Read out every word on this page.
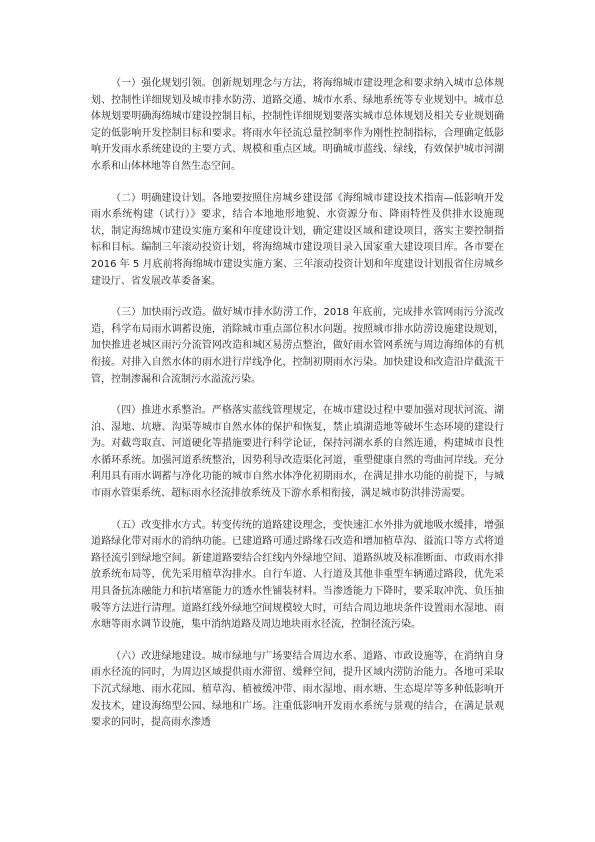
（一）强化规划引领。创新规划理念与方法，将海绵城市建设理念和要求纳入城市总体规划、控制性详细规划及城市排水防涝、道路交通、城市水系、绿地系统等专业规划中。城市总体规划要明确海绵城市建设控制目标，控制性详细规划要落实城市总体规划及相关专业规划确定的低影响开发控制目标和要求。将雨水年径流总量控制率作为刚性控制指标，合理确定低影响开发雨水系统建设的主要方式、规模和重点区域。明确城市蓝线、绿线，有效保护城市河湖水系和山体林地等自然生态空间。

（二）明确建设计划。各地要按照住房城乡建设部《海绵城市建设技术指南—低影响开发雨水系统构建（试行）》要求，结合本地地形地貌、水资源分布、降雨特性及供排水设施现状，制定海绵城市建设实施方案和年度建设计划，确定建设区域和建设项目，落实主要控制指标和目标。编制三年滚动投资计划，将海绵城市建设项目录入国家重大建设项目库。各市要在 2016 年 5 月底前将海绵城市建设实施方案、三年滚动投资计划和年度建设计划报省住房城乡建设厅、省发展改革委备案。

（三）加快雨污改造。做好城市排水防涝工作，2018 年底前，完成排水管网雨污分流改造，科学布局雨水调蓄设施，消除城市重点部位积水问题。按照城市排水防涝设施建设规划，加快推进老城区雨污分流管网改造和城区易涝点整治，做好雨水管网系统与周边海绵体的有机衔接。对排入自然水体的雨水进行岸线净化，控制初期雨水污染。加快建设和改造沿岸截流干管，控制渗漏和合流制污水溢流污染。

（四）推进水系整治。严格落实蓝线管理规定，在城市建设过程中要加强对现状河流、湖泊、湿地、坑塘、沟渠等城市自然水体的保护和恢复，禁止填湖造地等破坏生态环境的建设行为。对截弯取直、河道硬化等措施要进行科学论证，保持河湖水系的自然连通，构建城市良性水循环系统。加强河道系统整治，因势利导改造渠化河道，重塑健康自然的弯曲河岸线。充分利用具有雨水调蓄与净化功能的城市自然水体净化初期雨水，在满足排水功能的前提下，与城市雨水管渠系统、超标雨水径流排放系统及下游水系相衔接，满足城市防洪排涝需要。

（五）改变排水方式。转变传统的道路建设理念，变快速汇水外排为就地吸水缓排，增强道路绿化带对雨水的消纳功能。已建道路可通过路缘石改造和增加植草沟、溢流口等方式将道路径流引到绿地空间。新建道路要结合红线内外绿地空间、道路纵坡及标准断面、市政雨水排放系统布局等，优先采用植草沟排水。自行车道、人行道及其他非重型车辆通过路段，优先采用具备抗冻融能力和抗堵塞能力的透水性铺装材料。当渗透能力下降时，要采取冲洗、负压抽吸等方法进行清理。道路红线外绿地空间规模较大时，可结合周边地块条件设置雨水湿地、雨水塘等雨水调节设施，集中消纳道路及周边地块雨水径流，控制径流污染。

（六）改进绿地建设。城市绿地与广场要结合周边水系、道路、市政设施等，在消纳自身雨水径流的同时，为周边区域提供雨水滞留、缓释空间，提升区域内涝防治能力。各地可采取下沉式绿地、雨水花园、植草沟、植被缓冲带、雨水湿地、雨水塘、生态堤岸等多种低影响开发技术，建设海绵型公园、绿地和广场。注重低影响开发雨水系统与景观的结合，在满足景观要求的同时，提高雨水渗透
